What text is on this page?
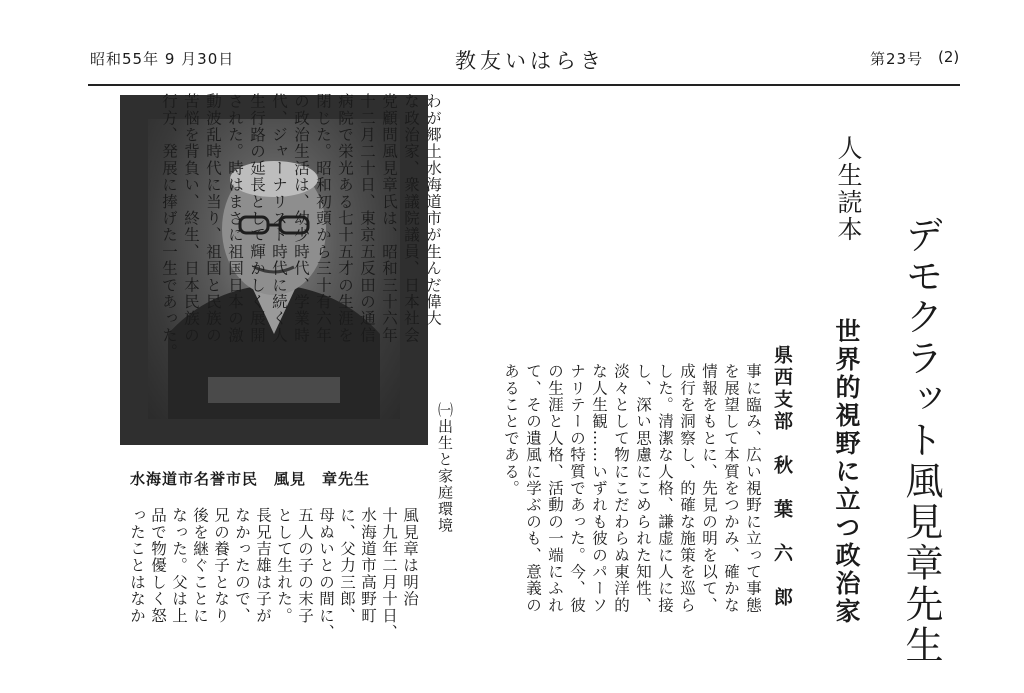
昭和55年 9 月30日	教友いはらき	第23号 (2)
水海道市名誉市民　風見　章先生
わが郷土水海道市が生んだ偉大
な政治家、衆議院議員、日本社会
党顧問風見章氏は、昭和三十六年
十二月二十日、東京五反田の通信
病院で栄光ある七十五才の生涯を
閉じた。昭和初頭から三十有六年
の政治生活は、幼少時代、学業時
代、ジャーナリスト時代に続く人
生行路の延長として輝かしく展開
された。時はまさに祖国日本の激
動波乱時代に当り、祖国と民族の
苦悩を背負い、終生、日本民族の
行方、発展に捧げた一生であった。	人生読本
デモクラット風見章先生
世界的視野に立つ政治家
県西支部　秋　葉　六　郎
事に臨み、広い視野に立って事態
を展望して本質をつかみ、確かな
情報をもとに、先見の明を以て、
成行を洞察し、的確な施策を巡ら
した。清潔な人格、謙虚に人に接
し、深い思慮にこめられた知性、
淡々として物にこだわらぬ東洋的
な人生観……いずれも彼のパーソ
ナリテーの特質であった。今、彼
の生涯と人格、活動の一端にふれ
て、その遺風に学ぶのも、意義の
あることである。
㈠出生と家庭環境
風見章は明治
十九年二月十日、
水海道市高野町
に、父力三郎、
母ぬいとの間に、
五人の子の末子
として生れた。
長兄吉雄は子が
なかったので、
兄の養子となり
後を継ぐことに
なった。父は上
品で物優しく怒
ったことはなか
